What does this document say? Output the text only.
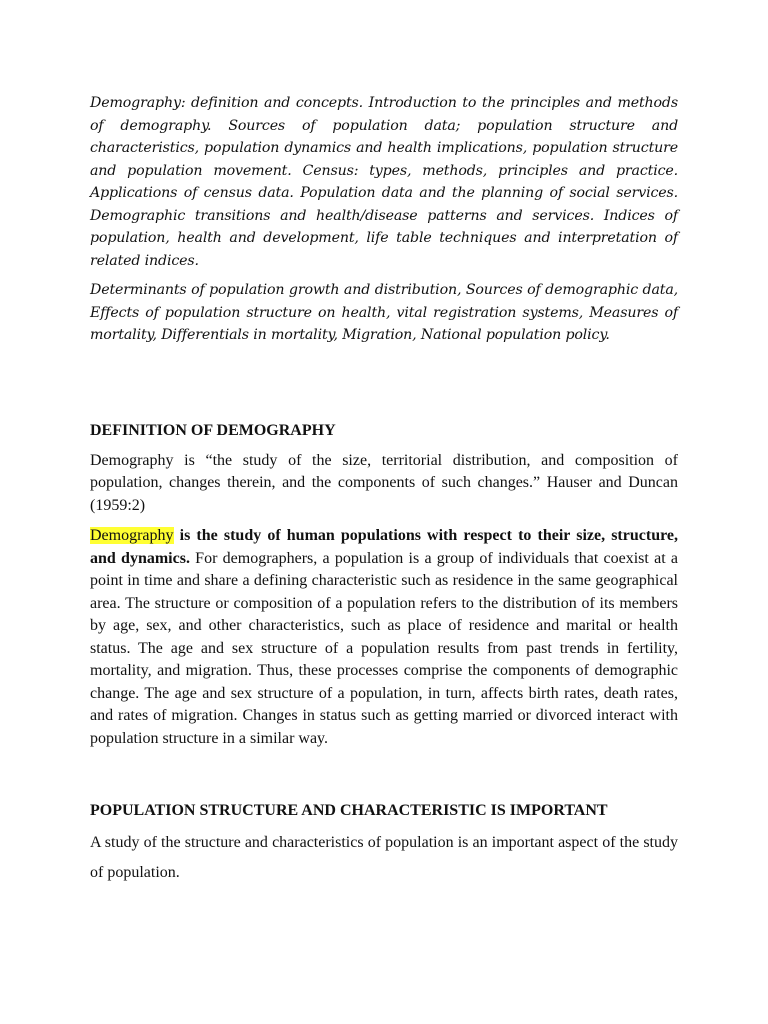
Demography: definition and concepts. Introduction to the principles and methods of demography. Sources of population data; population structure and characteristics, population dynamics and health implications, population structure and population movement. Census: types, methods, principles and practice. Applications of census data. Population data and the planning of social services. Demographic transitions and health/disease patterns and services. Indices of population, health and development, life table techniques and interpretation of related indices.

Determinants of population growth and distribution, Sources of demographic data, Effects of population structure on health, vital registration systems, Measures of mortality, Differentials in mortality, Migration, National population policy.

DEFINITION OF DEMOGRAPHY

Demography is “the study of the size, territorial distribution, and composition of population, changes therein, and the components of such changes.” Hauser and Duncan (1959:2)

Demography is the study of human populations with respect to their size, structure, and dynamics. For demographers, a population is a group of individuals that coexist at a point in time and share a defining characteristic such as residence in the same geographical area. The structure or composition of a population refers to the distribution of its members by age, sex, and other characteristics, such as place of residence and marital or health status. The age and sex structure of a population results from past trends in fertility, mortality, and migration. Thus, these processes comprise the components of demographic change. The age and sex structure of a population, in turn, affects birth rates, death rates, and rates of migration. Changes in status such as getting married or divorced interact with population structure in a similar way.

POPULATION STRUCTURE AND CHARACTERISTIC IS IMPORTANT

A study of the structure and characteristics of population is an important aspect of the study of population.
